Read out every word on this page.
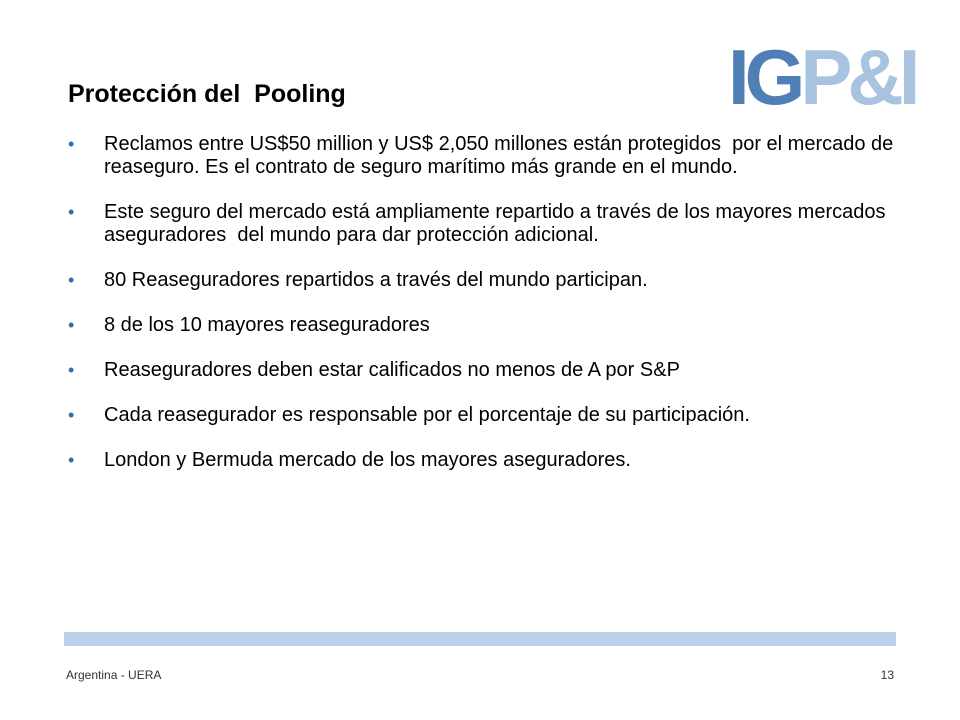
IGP&I
Protección del  Pooling
• Reclamos entre US$50 million y US$ 2,050 millones están protegidos  por el mercado de reaseguro. Es el contrato de seguro marítimo más grande en el mundo.
• Este seguro del mercado está ampliamente repartido a través de los mayores mercados aseguradores  del mundo para dar protección adicional.
• 80 Reaseguradores repartidos a través del mundo participan.
• 8 de los 10 mayores reaseguradores
• Reaseguradores deben estar calificados no menos de A por S&P
• Cada reasegurador es responsable por el porcentaje de su participación.
• London y Bermuda mercado de los mayores aseguradores.
Argentina - UERA	13
